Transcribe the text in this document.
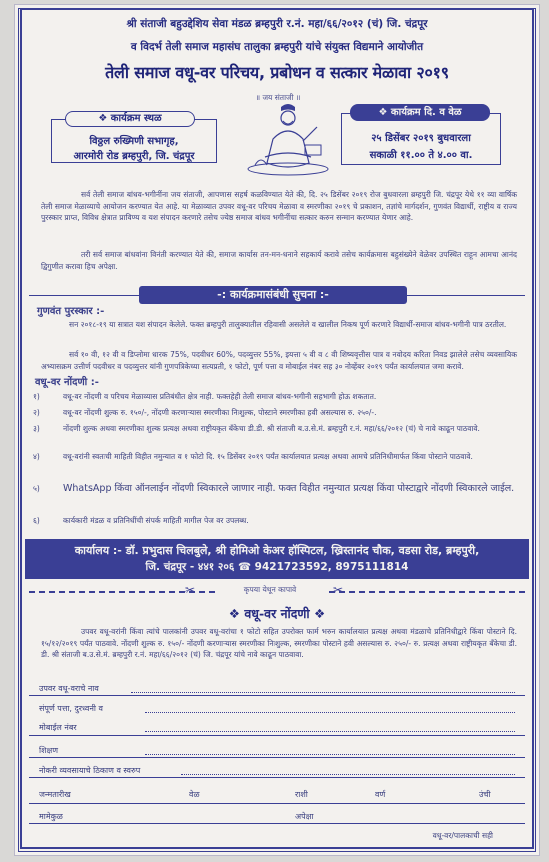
श्री संताजी बहुउद्देशिय सेवा मंडळ ब्रम्हपुरी र.नं. महा/६६/२०१२ (चं) जि. चंद्रपूर
व विदर्भ तेली समाज महासंघ तालुका ब्रम्हपुरी यांचे संयुक्त विद्यमाने आयोजीत
तेली समाज वधू-वर परिचय, प्रबोधन व सत्कार मेळावा २०१९
॥ जय संताजी ॥
❖ कार्यक्रम स्थळ
विठ्ठल रुख्मिणी सभागृह,
आरमोरी रोड ब्रम्हपुरी, जि. चंद्रपूर
❖ कार्यक्रम दि. व वेळ
२५ डिसेंबर २०१९ बुधवारला
सकाळी ११.०० ते ४.०० वा.
सर्व तेली समाज बांधव-भगीनींना जय संताजी, आपणास सहर्ष कळविण्यात येते की, दि. २५ डिसेंबर २०१९ रोज बुधवारला ब्रम्हपुरी जि. चंद्रपूर येथे ११ व्या वार्षिक तेली समाज मेळाव्याचे आयोजन करण्यात येत आहे. या मेळाव्यात उपवर वधू-वर परिचय मेळावा व स्मरणीका २०१९ चे प्रकाशन, तज्ञांचे मार्गदर्शन, गुणवंत विद्यार्थी, राष्ट्रीय व राज्य पुरस्कार प्राप्त, विविध क्षेत्रात प्राविण्य व यश संपादन करणारे तसेच ज्येष्ठ समाज बांधव भगीनींचा सत्कार करुन सन्मान करण्यात येणार आहे.
तरी सर्व समाज बांधवांना विनंती करण्यात येते की, समाज कार्यास तन-मन-धनाने सहकार्य करावे तसेच कार्यक्रमास बहुसंख्येने वेळेवर उपस्थित राहून आमचा आनंद द्विगुणीत करावा हिच अपेक्षा.
-: कार्यक्रमासंबंधी सुचना :-
गुणवंत पुरस्कार :-
सन २०१८-१९ या सत्रात यश संपादन केलेले. फक्त ब्रम्हपुरी तालुक्यातील रहिवासी असलेले व खालील निकष पूर्ण करणारे विद्यार्थी-समाज बांधव-भगीनी पात्र ठरतील.
सर्व १० वी, १२ वी व डिप्लोमा धारक 75%, पदवीधर 60%, पदव्युत्तर 55%, इयत्ता ५ वी व ८ वी शिष्यवृत्तीस पात्र व नवोदय करिता निवड झालेले तसेच व्यवसायिक अभ्यासक्रम उत्तीर्ण पदवीधर व पदव्युत्तर यांनी गुणपत्रिकेच्या सत्यप्रती, १ फोटो, पूर्ण पत्ता व मोबाईल नंबर सह ३० नोव्हेंबर २०१९ पर्यंत कार्यालयात जमा करावे.
वधू-वर नोंदणी :-
१)	वधू-वर नोंदणी व परिचय मेळाव्यास प्रतिबंधीत क्षेत्र नाही. फक्तहेही तेली समाज बांधव-भगीनी सहभागी होऊ शकतात.
२)	वधू-वर नोंदणी शुल्क रु. १५०/-, नोंदणी करणाऱ्यास स्मरणीका निःशुल्क, पोस्टाने स्मरणीका हवी असल्यास रु. २५०/-.
३)	नोंदणी शुल्क अथवा स्मरणीका शुल्क प्रत्यक्ष अथवा राष्ट्रीयकृत बँकेचा डी.डी. श्री संताजी ब.उ.से.मं. ब्रम्हपुरी र.नं. महा/६६/२०१२ (चं) चे नावे काढून पाठवावे.
४)	वधू-वरांनी स्वतःची माहिती विहीत नमुन्यात व १ फोटो दि. १५ डिसेंबर २०१९ पर्यंत कार्यालयात प्रत्यक्ष अथवा आमचे प्रतिनिधीमार्फत किंवा पोस्टाने पाठवावे.
५)	WhatsApp किंवा ऑनलाईन नोंदणी स्विकारले जाणार नाही. फक्त विहीत नमुन्यात प्रत्यक्ष किंवा पोस्टाद्वारे नोंदणी स्विकारले जाईल.
६)	कार्यकारी मंडळ व प्रतिनिधींची संपर्क माहिती मागील पेज वर उपलब्ध.
कार्यालय :- डॉ. प्रभुदास चिलबुले, श्री होमिओ केअर हॉस्पिटल, ख्रिस्तानंद चौक, वडसा रोड, ब्रम्हपुरी,
जि. चंद्रपूर - ४४१ २०६ ☎ 9421723592, 8975111814
✂	✂
कृपया येथून कापावे
❖ वधू-वर नोंदणी ❖
उपवर वधू-वरांनी किंवा त्यांचे पालकांनी उपवर वधू-वरांचा १ फोटो सहित उपरोक्त फार्म भरुन कार्यालयात प्रत्यक्ष अथवा मंडळाचे प्रतिनिधीद्वारे किंवा पोस्टाने दि. १५/१२/२०१९ पर्यंत पाठवावे. नोंदणी शुल्क रु. १५०/- नोंदणी करणाऱ्यास स्मरणीका निःशुल्क, स्मरणीका पोस्टाने हवी असल्यास रु. २५०/- रु. प्रत्यक्ष अथवा राष्ट्रीयकृत बँकेचा डी. डी. श्री संताजी ब.उ.से.मं. ब्रम्हपुरी र.नं. महा/६६/२०१२ (चं) जि. चंद्रपूर यांचे नावे काढून पाठवावा.
उपवर वधू-वराचे नाव
संपूर्ण पत्ता, दुरध्वनी व
मोबाईल नंबर
शिक्षण
नोकरी व्यवसायाचे ठिकाण व स्वरुप
जन्मतारीख	वेळ	राशी	वर्ण	उंची
मामेकुळ	अपेक्षा
वधू-वर/पालकाची सही
